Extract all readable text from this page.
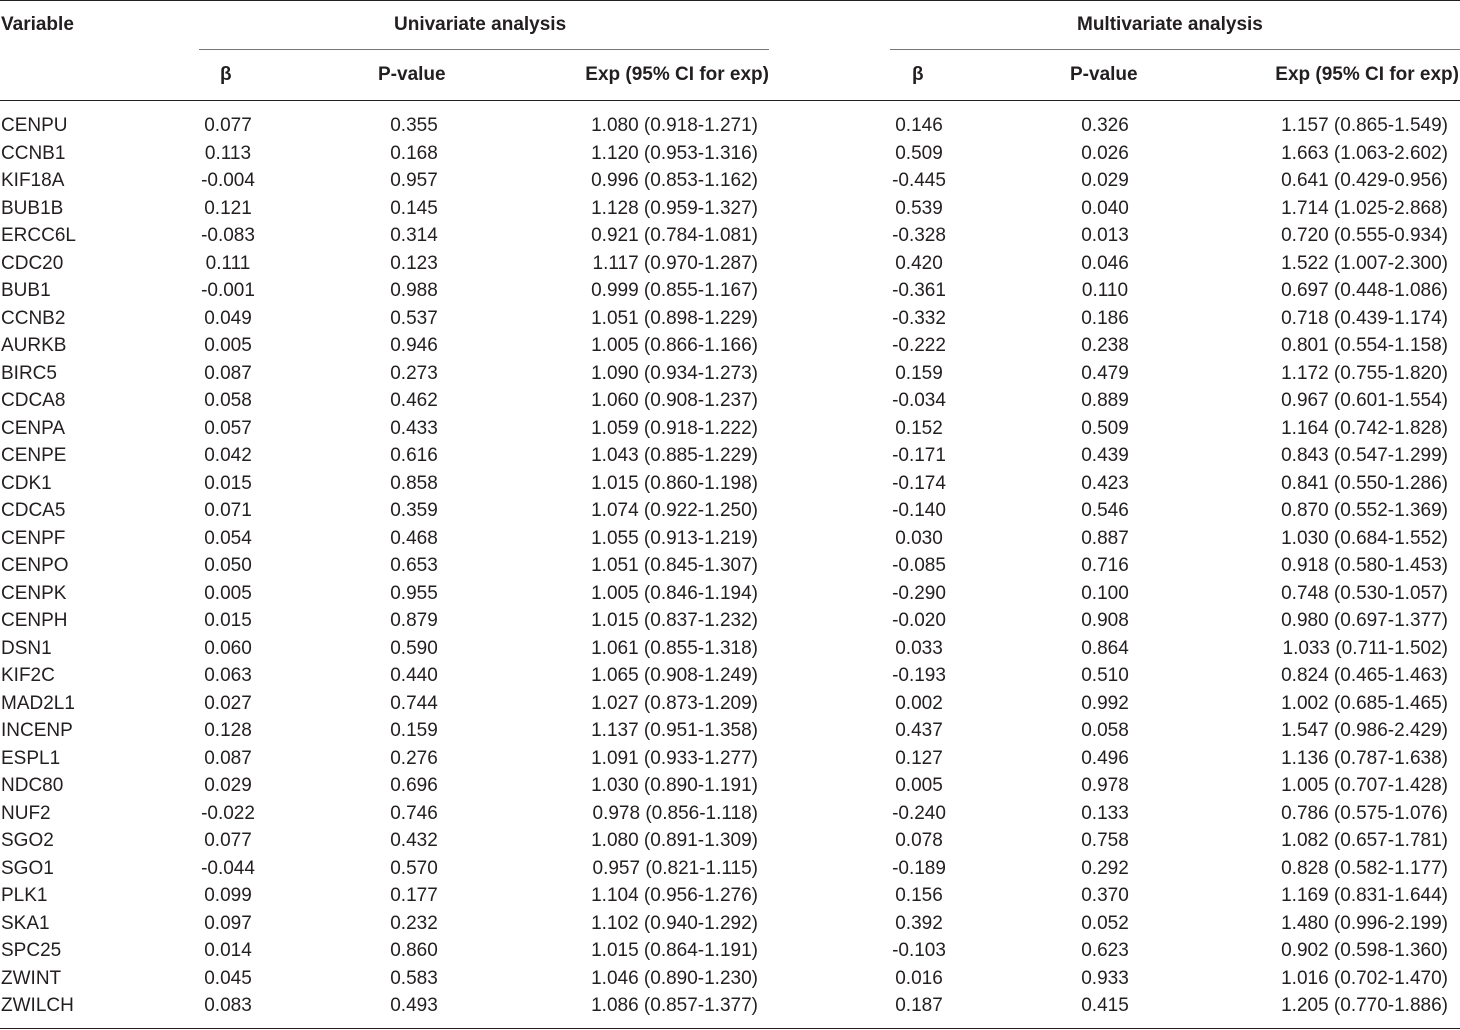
Variable	Univariate analysis	Multivariate analysis
β	P-value	Exp (95% CI for exp)	β	P-value	Exp (95% CI for exp)
CENPU	0.077	0.355	1.080 (0.918-1.271)	0.146	0.326	1.157 (0.865-1.549)
CCNB1	0.113	0.168	1.120 (0.953-1.316)	0.509	0.026	1.663 (1.063-2.602)
KIF18A	-0.004	0.957	0.996 (0.853-1.162)	-0.445	0.029	0.641 (0.429-0.956)
BUB1B	0.121	0.145	1.128 (0.959-1.327)	0.539	0.040	1.714 (1.025-2.868)
ERCC6L	-0.083	0.314	0.921 (0.784-1.081)	-0.328	0.013	0.720 (0.555-0.934)
CDC20	0.111	0.123	1.117 (0.970-1.287)	0.420	0.046	1.522 (1.007-2.300)
BUB1	-0.001	0.988	0.999 (0.855-1.167)	-0.361	0.110	0.697 (0.448-1.086)
CCNB2	0.049	0.537	1.051 (0.898-1.229)	-0.332	0.186	0.718 (0.439-1.174)
AURKB	0.005	0.946	1.005 (0.866-1.166)	-0.222	0.238	0.801 (0.554-1.158)
BIRC5	0.087	0.273	1.090 (0.934-1.273)	0.159	0.479	1.172 (0.755-1.820)
CDCA8	0.058	0.462	1.060 (0.908-1.237)	-0.034	0.889	0.967 (0.601-1.554)
CENPA	0.057	0.433	1.059 (0.918-1.222)	0.152	0.509	1.164 (0.742-1.828)
CENPE	0.042	0.616	1.043 (0.885-1.229)	-0.171	0.439	0.843 (0.547-1.299)
CDK1	0.015	0.858	1.015 (0.860-1.198)	-0.174	0.423	0.841 (0.550-1.286)
CDCA5	0.071	0.359	1.074 (0.922-1.250)	-0.140	0.546	0.870 (0.552-1.369)
CENPF	0.054	0.468	1.055 (0.913-1.219)	0.030	0.887	1.030 (0.684-1.552)
CENPO	0.050	0.653	1.051 (0.845-1.307)	-0.085	0.716	0.918 (0.580-1.453)
CENPK	0.005	0.955	1.005 (0.846-1.194)	-0.290	0.100	0.748 (0.530-1.057)
CENPH	0.015	0.879	1.015 (0.837-1.232)	-0.020	0.908	0.980 (0.697-1.377)
DSN1	0.060	0.590	1.061 (0.855-1.318)	0.033	0.864	1.033 (0.711-1.502)
KIF2C	0.063	0.440	1.065 (0.908-1.249)	-0.193	0.510	0.824 (0.465-1.463)
MAD2L1	0.027	0.744	1.027 (0.873-1.209)	0.002	0.992	1.002 (0.685-1.465)
INCENP	0.128	0.159	1.137 (0.951-1.358)	0.437	0.058	1.547 (0.986-2.429)
ESPL1	0.087	0.276	1.091 (0.933-1.277)	0.127	0.496	1.136 (0.787-1.638)
NDC80	0.029	0.696	1.030 (0.890-1.191)	0.005	0.978	1.005 (0.707-1.428)
NUF2	-0.022	0.746	0.978 (0.856-1.118)	-0.240	0.133	0.786 (0.575-1.076)
SGO2	0.077	0.432	1.080 (0.891-1.309)	0.078	0.758	1.082 (0.657-1.781)
SGO1	-0.044	0.570	0.957 (0.821-1.115)	-0.189	0.292	0.828 (0.582-1.177)
PLK1	0.099	0.177	1.104 (0.956-1.276)	0.156	0.370	1.169 (0.831-1.644)
SKA1	0.097	0.232	1.102 (0.940-1.292)	0.392	0.052	1.480 (0.996-2.199)
SPC25	0.014	0.860	1.015 (0.864-1.191)	-0.103	0.623	0.902 (0.598-1.360)
ZWINT	0.045	0.583	1.046 (0.890-1.230)	0.016	0.933	1.016 (0.702-1.470)
ZWILCH	0.083	0.493	1.086 (0.857-1.377)	0.187	0.415	1.205 (0.770-1.886)
